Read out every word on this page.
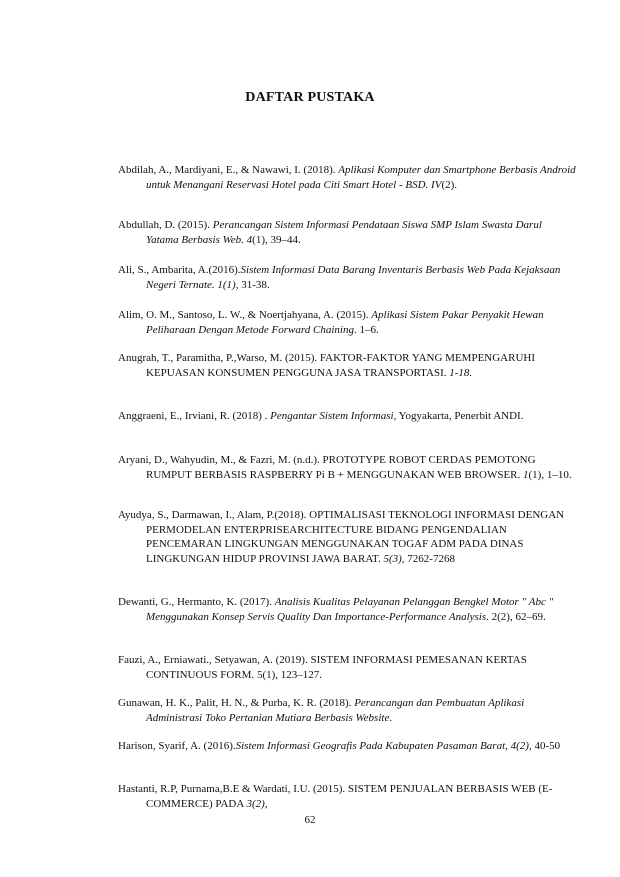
DAFTAR PUSTAKA

Abdilah, A., Mardiyani, E., & Nawawi, I. (2018). Aplikasi Komputer dan Smartphone Berbasis Android untuk Menangani Reservasi Hotel pada Citi Smart Hotel - BSD. IV(2).

Abdullah, D. (2015). Perancangan Sistem Informasi Pendataan Siswa SMP Islam Swasta Darul Yatama Berbasis Web. 4(1), 39–44.

Ali, S., Ambarita, A.(2016).Sistem Informasi Data Barang Inventaris Berbasis Web Pada Kejaksaan Negeri Ternate. 1(1), 31-38.

Alim, O. M., Santoso, L. W., & Noertjahyana, A. (2015). Aplikasi Sistem Pakar Penyakit Hewan Peliharaan Dengan Metode Forward Chaining. 1–6.

Anugrah, T., Paramitha, P.,Warso, M. (2015). FAKTOR-FAKTOR YANG MEMPENGARUHI KEPUASAN KONSUMEN PENGGUNA JASA TRANSPORTASI. 1-18.

Anggraeni, E., Irviani, R. (2018) . Pengantar Sistem Informasi, Yogyakarta, Penerbit ANDI.

Aryani, D., Wahyudin, M., & Fazri, M. (n.d.). PROTOTYPE ROBOT CERDAS PEMOTONG RUMPUT BERBASIS RASPBERRY Pi B + MENGGUNAKAN WEB BROWSER. 1(1), 1–10.

Ayudya, S., Darmawan, I., Alam, P.(2018). OPTIMALISASI TEKNOLOGI INFORMASI DENGAN PERMODELAN ENTERPRISEARCHITECTURE BIDANG PENGENDALIAN PENCEMARAN LINGKUNGAN MENGGUNAKAN TOGAF ADM PADA DINAS LINGKUNGAN HIDUP PROVINSI JAWA BARAT. 5(3), 7262-7268

Dewanti, G., Hermanto, K. (2017). Analisis Kualitas Pelayanan Pelanggan Bengkel Motor " Abc " Menggunakan Konsep Servis Quality Dan Importance-Performance Analysis. 2(2), 62–69.

Fauzi, A., Erniawati., Setyawan, A. (2019). SISTEM INFORMASI PEMESANAN KERTAS CONTINUOUS FORM. 5(1), 123–127.

Gunawan, H. K., Palit, H. N., & Purba, K. R. (2018). Perancangan dan Pembuatan Aplikasi Administrasi Toko Pertanian Mutiara Berbasis Website.

Harison, Syarif, A. (2016).Sistem Informasi Geografis Pada Kabupaten Pasaman Barat, 4(2), 40-50

Hastanti, R.P, Purnama,B.E & Wardati, I.U. (2015). SISTEM PENJUALAN BERBASIS WEB (E-COMMERCE) PADA 3(2),

62
